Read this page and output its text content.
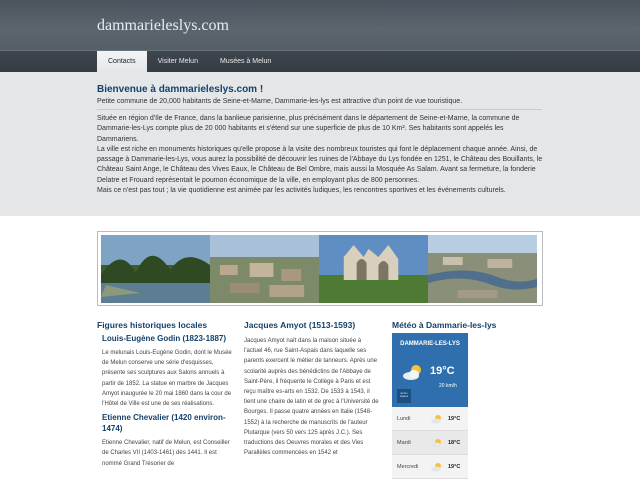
dammarieleslys.com
Contacts	Visiter Melun	Musées à Melun
Bienvenue à dammarieleslys.com !
Petite commune de 20,000 habitants de Seine-et-Marne, Dammarie-les-lys est attractive d'un point de vue touristique.

Située en région d'Ile de France, dans la banlieue parisienne, plus précisément dans le département de Seine-et-Marne, la commune de Dammarie-les-Lys compte plus de 20 000 habitants et s'étend sur une superficie de plus de 10 Km². Ses habitants sont appelés les Dammariens.

La ville est riche en monuments historiques qu'elle propose à la visite des nombreux touristes qui font le déplacement chaque année. Ainsi, de passage à Dammarie-les-Lys, vous aurez la possibilité de découvrir les ruines de l'Abbaye du Lys fondée en 1251, le Château des Bouillants, le Château Saint Ange, le Château des Vives Eaux, le Château de Bel Ombre, mais aussi la Mosquée As Salam. Avant sa fermeture, la fonderie Delatre et Frouard représentait le poumon économique de la ville, en employant plus de 800 personnes.

Mais ce n'est pas tout ; la vie quotidienne est animée par les activités ludiques, les rencontres sportives et les événements culturels.

Figures historiques locales
Louis-Eugène Godin (1823-1887)
Le melunais Louis-Eugène Godin, dont le Musée de Melun conserve une série d'esquisses, présente ses sculptures aux Salons annuels à partir de 1852. La statue en marbre de Jacques Amyot inaugurée le 20 mai 1860 dans la cour de l'Hôtel de Ville est une de ses réalisations.
Etienne Chevalier (1420 environ-1474)
Etienne Chevalier, natif de Melun, est Conseiller de Charles VII (1403-1461) dès 1441. Il est nommé Grand Trésorier de
Jacques Amyot (1513-1593)
Jacques Amyot naît dans la maison située à l'actuel 46, rue Saint-Aspais dans laquelle ses parents exercent le métier de tanneurs. Après une scolarité auprès des bénédictins de l'Abbaye de Saint-Père, il fréquente le Collège à Paris et est reçu maître es-arts en 1532. De 1533 à 1543, il tient une chaire de latin et de grec à l'Université de Bourges. Il passe quatre années en Italie (1548-1552) à la recherche de manuscrits de l'auteur Plutarque (vers 50 vers 125 après J.C.). Ses traductions des Oeuvres morales et des Vies Parallèles commencées en 1542 et
Météo à Dammarie-les-lys
DAMMARIE-LES-LYS
19°C
20 km/h
METEO FRANCE
Lundi	19°C
Mardi	18°C
Mercredi	19°C
